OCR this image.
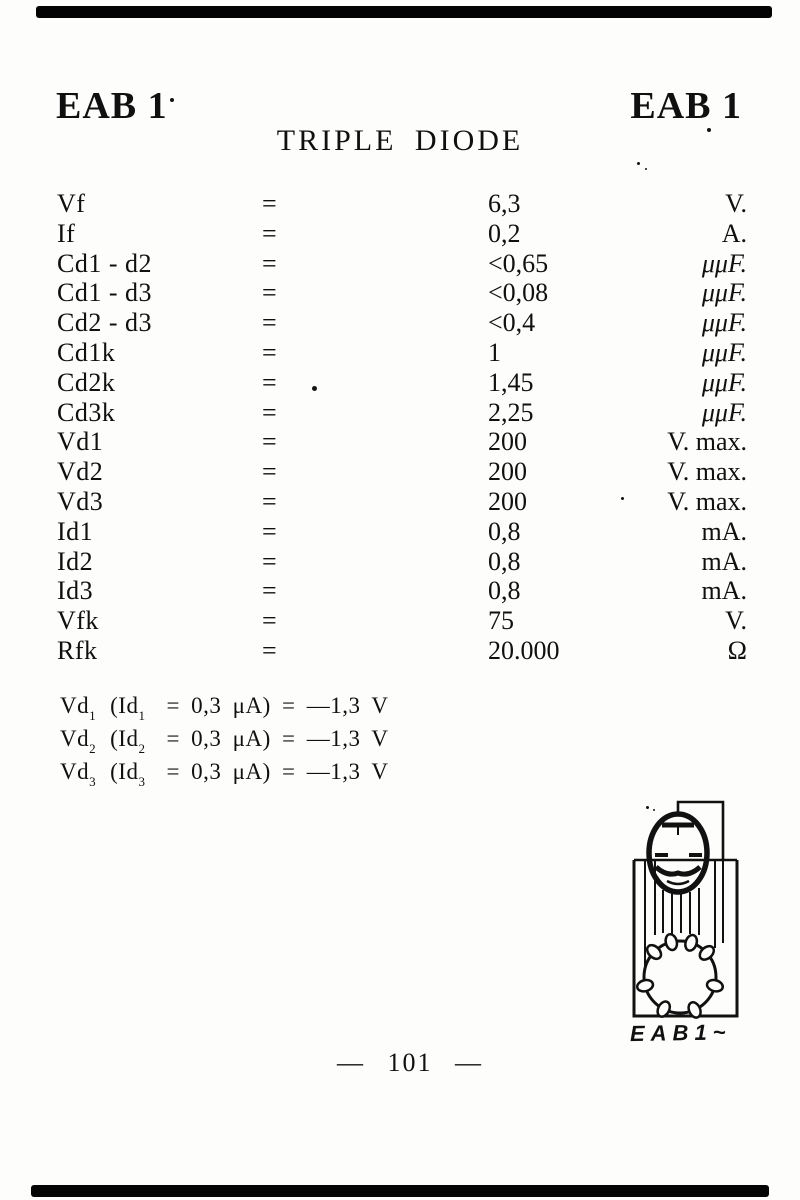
EAB 1	EAB 1
TRIPLE DIODE
Vf	=	6,3	V.
If	=	0,2	A.
Cd1 - d2	=	<0,65	μμF.
Cd1 - d3	=	<0,08	μμF.
Cd2 - d3	=	<0,4	μμF.
Cd1k	=	1	μμF.
Cd2k	=	1,45	μμF.
Cd3k	=	2,25	μμF.
Vd1	=	200	V. max.
Vd2	=	200	V. max.
Vd3	=	200	V. max.
Id1	=	0,8	mA.
Id2	=	0,8	mA.
Id3	=	0,8	mA.
Vfk	=	75	V.
Rfk	=	20.000	Ω
$Vd_1$ ($Id_1 = 0,3$ μA) = —1,3 V
$Vd_2$ ($Id_2 = 0,3$ μA) = —1,3 V
$Vd_3$ ($Id_3 = 0,3$ μA) = —1,3 V
EAB1~
— 101 —
